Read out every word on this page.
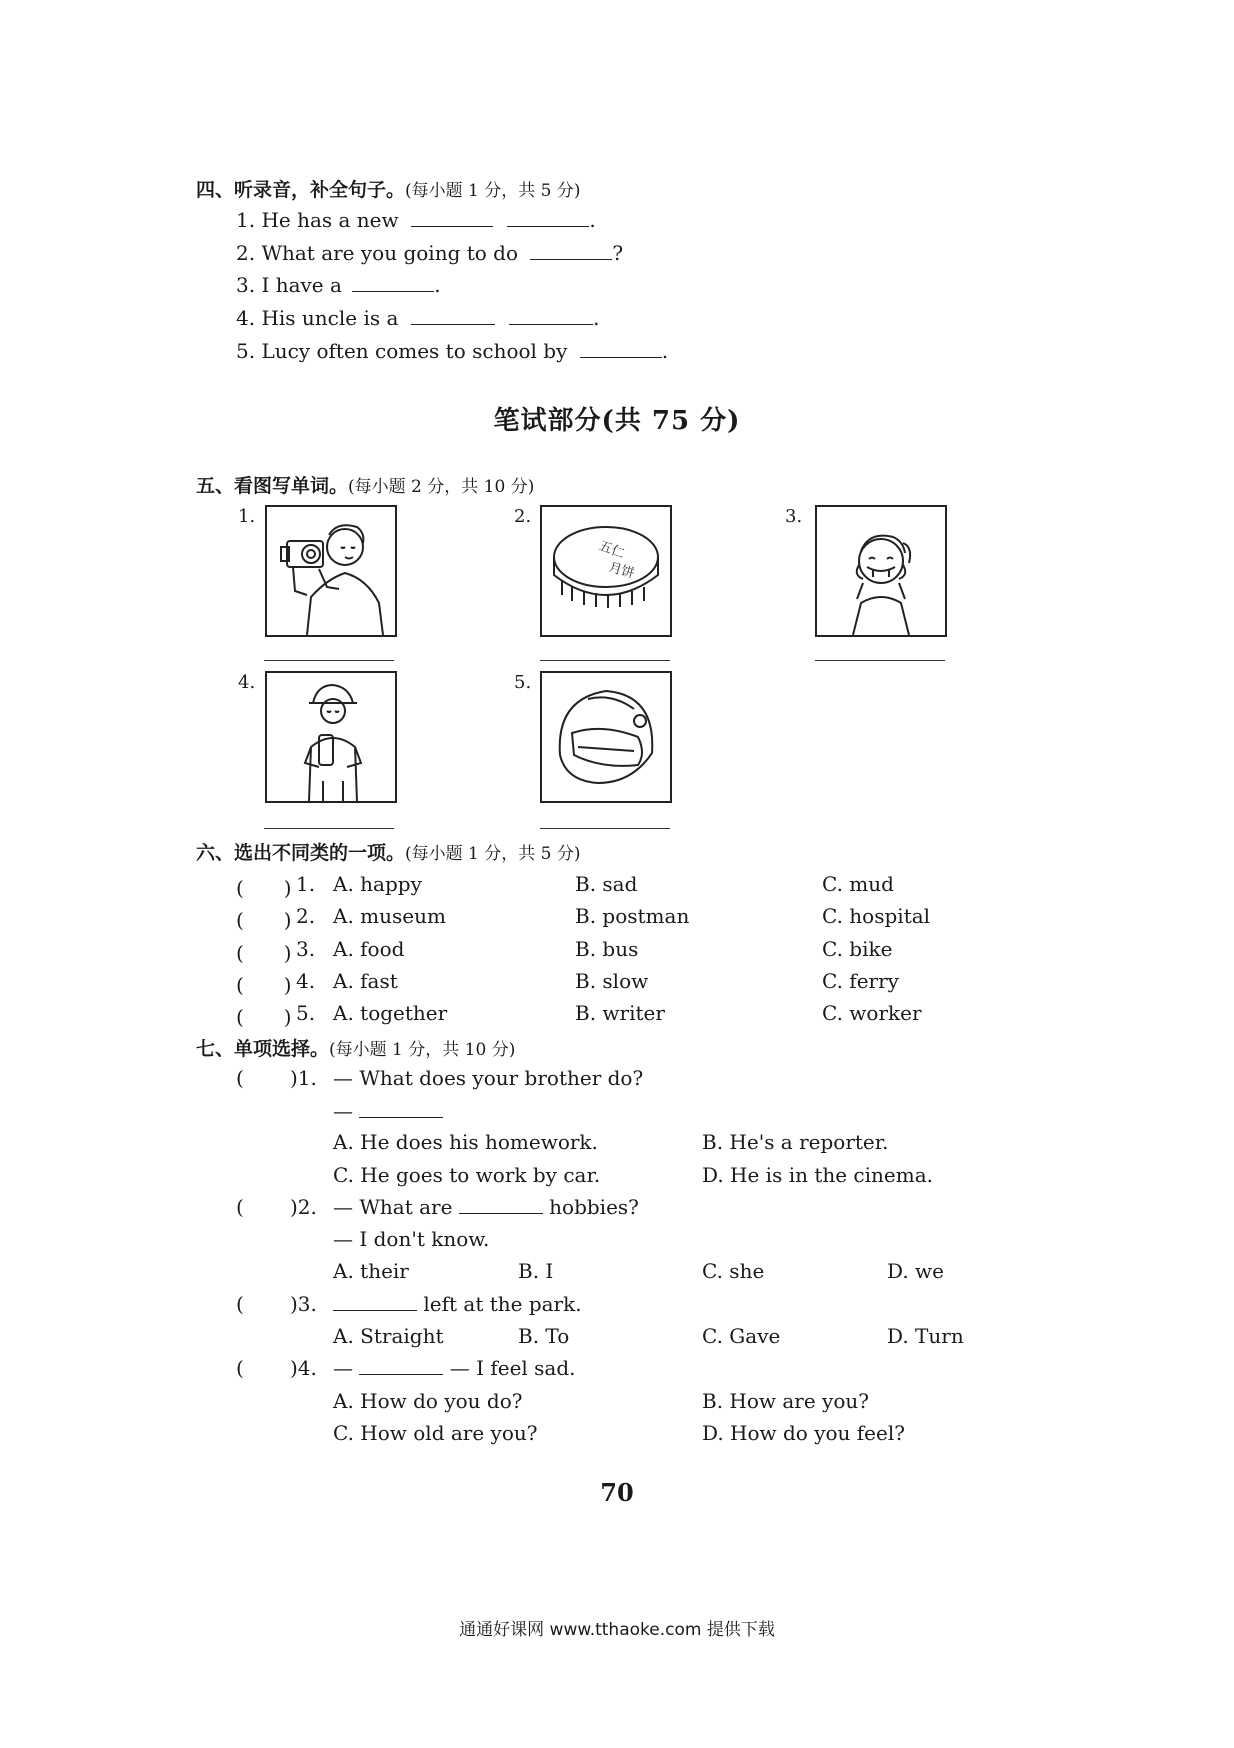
四、听录音，补全句子。(每小题 1 分，共 5 分)
1. He has a new	.
2. What are you going to do	?
3. I have a	.
4. His uncle is a	.
5. Lucy often comes to school by	.
笔试部分(共 75 分)
五、看图写单词。(每小题 2 分，共 10 分)
1.	2.
五仁
月饼
3.
4.	5.
六、选出不同类的一项。(每小题 1 分，共 5 分)
(　　) 1. A. happy	B. sad	C. mud
(　　) 2. A. museum	B. postman	C. hospital
(　　) 3. A. food	B. bus	C. bike
(　　) 4. A. fast	B. slow	C. ferry
(　　) 5. A. together	B. writer	C. worker
七、单项选择。(每小题 1 分，共 10 分)
( )1. — What does your brother do?
—
A. He does his homework.	B. He's a reporter.
C. He goes to work by car.	D. He is in the cinema.
( )2. — What are	hobbies?
— I don't know.
A. their	B. I	C. she	D. we
( )3.	left at the park.
A. Straight	B. To	C. Gave	D. Turn
( )4. —	— I feel sad.
A. How do you do?	B. How are you?
C. How old are you?	D. How do you feel?
70
通通好课网 www.tthaoke.com 提供下载
